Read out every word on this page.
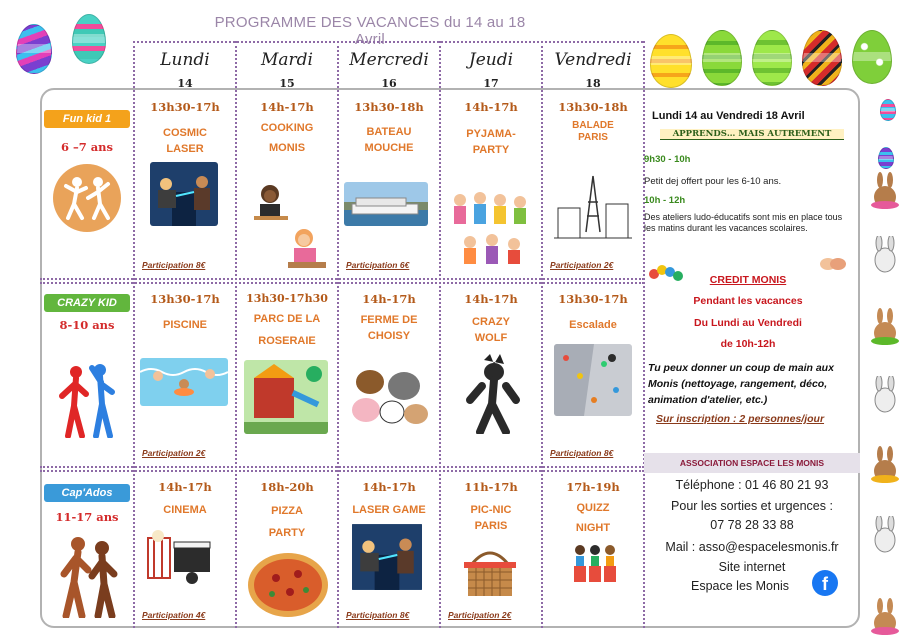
PROGRAMME DES VACANCES du 14 au 18 Avril
Lundi
14
Mardi
15
Mercredi
16
Jeudi
17
Vendredi
18
Fun kid 1
6 –7 ans
CRAZY KID
8-10 ans
Cap'Ados
11-17 ans
13h30-17h
COSMIC LASER
Participation 8€
14h-17h
COOKING MONIS
13h30-18h
BATEAU MOUCHE
Participation 6€
14h-17h
PYJAMA-PARTY
13h30-18h
BALADE PARIS
Participation 2€
13h30-17h
PISCINE
Participation 2€
13h30-17h30
PARC DE LA ROSERAIE
14h-17h
FERME DE CHOISY
14h-17h
CRAZY WOLF
13h30-17h
Escalade
Participation 8€
14h-17h
CINEMA
Participation 4€
18h-20h
PIZZA PARTY
14h-17h
LASER GAME
Participation 8€
11h-17h
PIC-NIC PARIS
Participation 2€
17h-19h
QUIZZ NIGHT
Lundi 14 au Vendredi 18 Avril
APPRENDS… MAIS AUTREMENT
9h30 - 10h
Petit dej offert pour les 6-10 ans.
10h - 12h
Des ateliers ludo-éducatifs sont mis en place tous les matins durant les vacances scolaires.
CREDIT MONIS
Pendant les vacances
Du Lundi au Vendredi
de 10h-12h
Tu peux donner un coup de main aux Monis (nettoyage, rangement, déco, animation d'atelier, etc.)
Sur inscription : 2 personnes/jour
ASSOCIATION ESPACE LES MONIS
Téléphone : 01 46 80 21 93
Pour les sorties et urgences :
07 78 28 33 88
Mail : asso@espacelesmonis.fr
Site internet
Espace les Monis	f
